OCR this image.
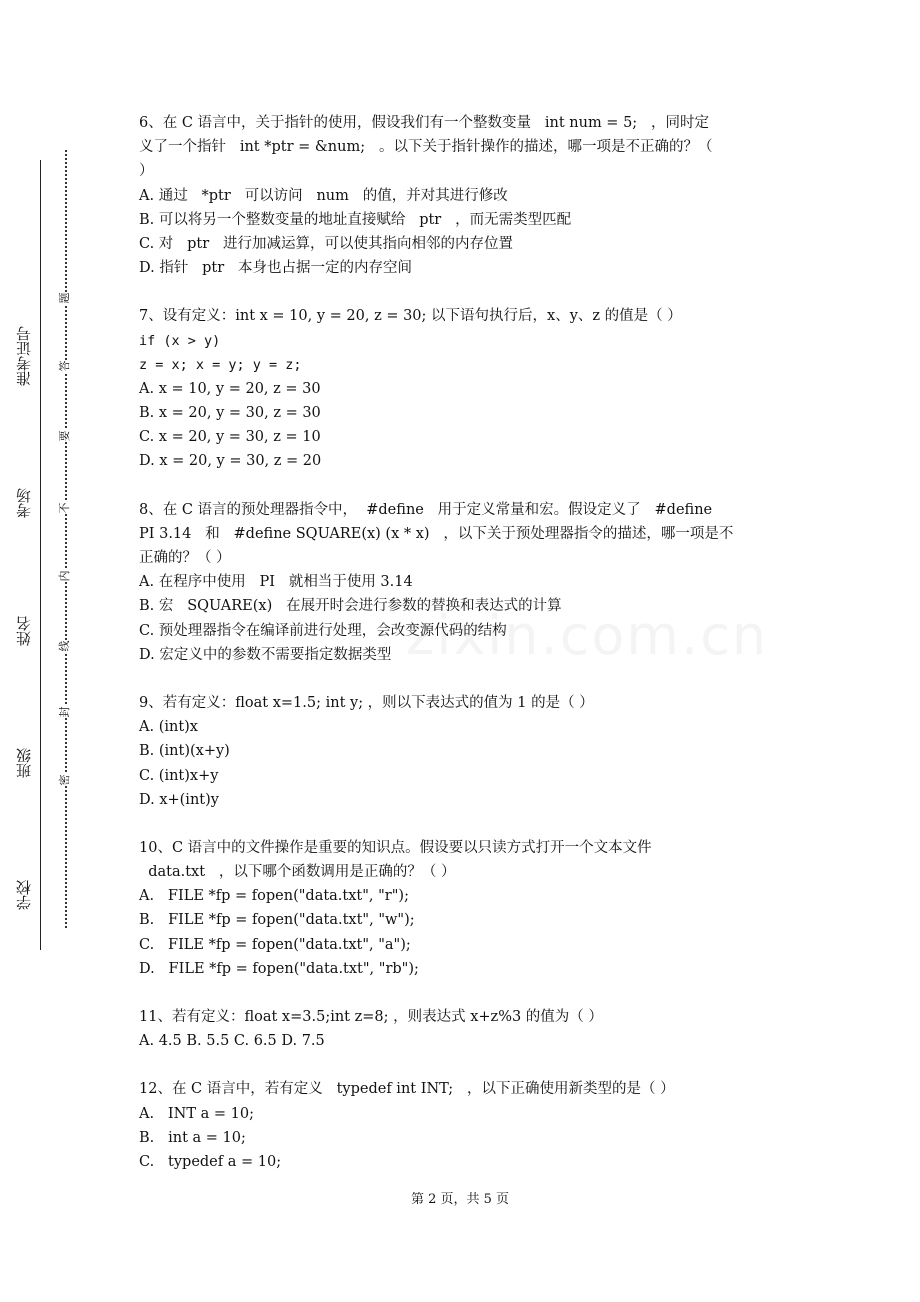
学校
班级
姓名
考场
准考证号
密
封
线
内
不
要
答
题
zixin.com.cn
6、在 C 语言中，关于指针的使用，假设我们有一个整数变量   int num = 5;   ，同时定
义了一个指针   int *ptr = &num;   。以下关于指针操作的描述，哪一项是不正确的？（
）
A. 通过   *ptr   可以访问   num   的值，并对其进行修改
B. 可以将另一个整数变量的地址直接赋给   ptr   ，而无需类型匹配
C. 对   ptr   进行加减运算，可以使其指向相邻的内存位置
D. 指针   ptr   本身也占据一定的内存空间
7、设有定义：int x = 10, y = 20, z = 30; 以下语句执行后，x、y、z 的值是（ ）
if (x > y)
z = x; x = y; y = z;
A. x = 10, y = 20, z = 30
B. x = 20, y = 30, z = 30
C. x = 20, y = 30, z = 10
D. x = 20, y = 30, z = 20
8、在 C 语言的预处理器指令中，  #define   用于定义常量和宏。假设定义了   #define
PI 3.14   和   #define SQUARE(x) (x * x)   ，以下关于预处理器指令的描述，哪一项是不
正确的？（ ）
A. 在程序中使用   PI   就相当于使用 3.14
B. 宏   SQUARE(x)   在展开时会进行参数的替换和表达式的计算
C. 预处理器指令在编译前进行处理，会改变源代码的结构
D. 宏定义中的参数不需要指定数据类型
9、若有定义：float x=1.5; int y; ，则以下表达式的值为 1 的是（ ）
A. (int)x
B. (int)(x+y)
C. (int)x+y
D. x+(int)y
10、C 语言中的文件操作是重要的知识点。假设要以只读方式打开一个文本文件
data.txt   ，以下哪个函数调用是正确的？（ ）
A.   FILE *fp = fopen("data.txt", "r");
B.   FILE *fp = fopen("data.txt", "w");
C.   FILE *fp = fopen("data.txt", "a");
D.   FILE *fp = fopen("data.txt", "rb");
11、若有定义：float x=3.5;int z=8; ，则表达式 x+z%3 的值为（ ）
A. 4.5 B. 5.5 C. 6.5 D. 7.5
12、在 C 语言中，若有定义   typedef int INT;   ，以下正确使用新类型的是（ ）
A.   INT a = 10;
B.   int a = 10;
C.   typedef a = 10;
第 2 页，共 5 页
